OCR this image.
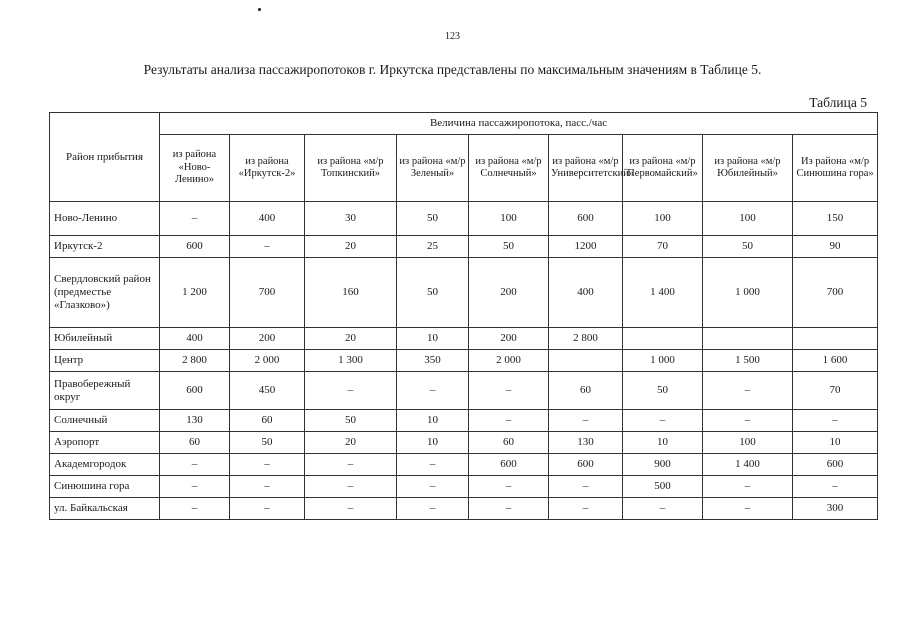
123
Результаты анализа пассажиропотоков г. Иркутска представлены по максимальным значениям в Таблице 5.
Таблица 5
Район прибытия	Величина пассажиропотока, пасс./час								
	из района «Ново-Ленино»	из района «Иркутск-2»	из района «м/р Топкинский»	из района «м/р Зеленый»	из района «м/р Солнечный»	из района «м/р Университетский»	из района «м/р Первомайский»	из района «м/р Юбилейный»	Из района «м/р Синюшина гора»
Ново-Ленино	–	400	30	50	100	600	100	100	150
Иркутск-2	600	–	20	25	50	1200	70	50	90
Свердловский район (предместье «Глазково»)	1 200	700	160	50	200	400	1 400	1 000	700
Юбилейный	400	200	20	10	200	2 800			
Центр	2 800	2 000	1 300	350	2 000		1 000	1 500	1 600
Правобережный округ	600	450	–	–	–	60	50	–	70
Солнечный	130	60	50	10	–	–	–	–	–
Аэропорт	60	50	20	10	60	130	10	100	10
Академгородок	–	–	–	–	600	600	900	1 400	600
Синюшина гора	–	–	–	–	–	–	500	–	–
ул. Байкальская	–	–	–	–	–	–	–	–	300
